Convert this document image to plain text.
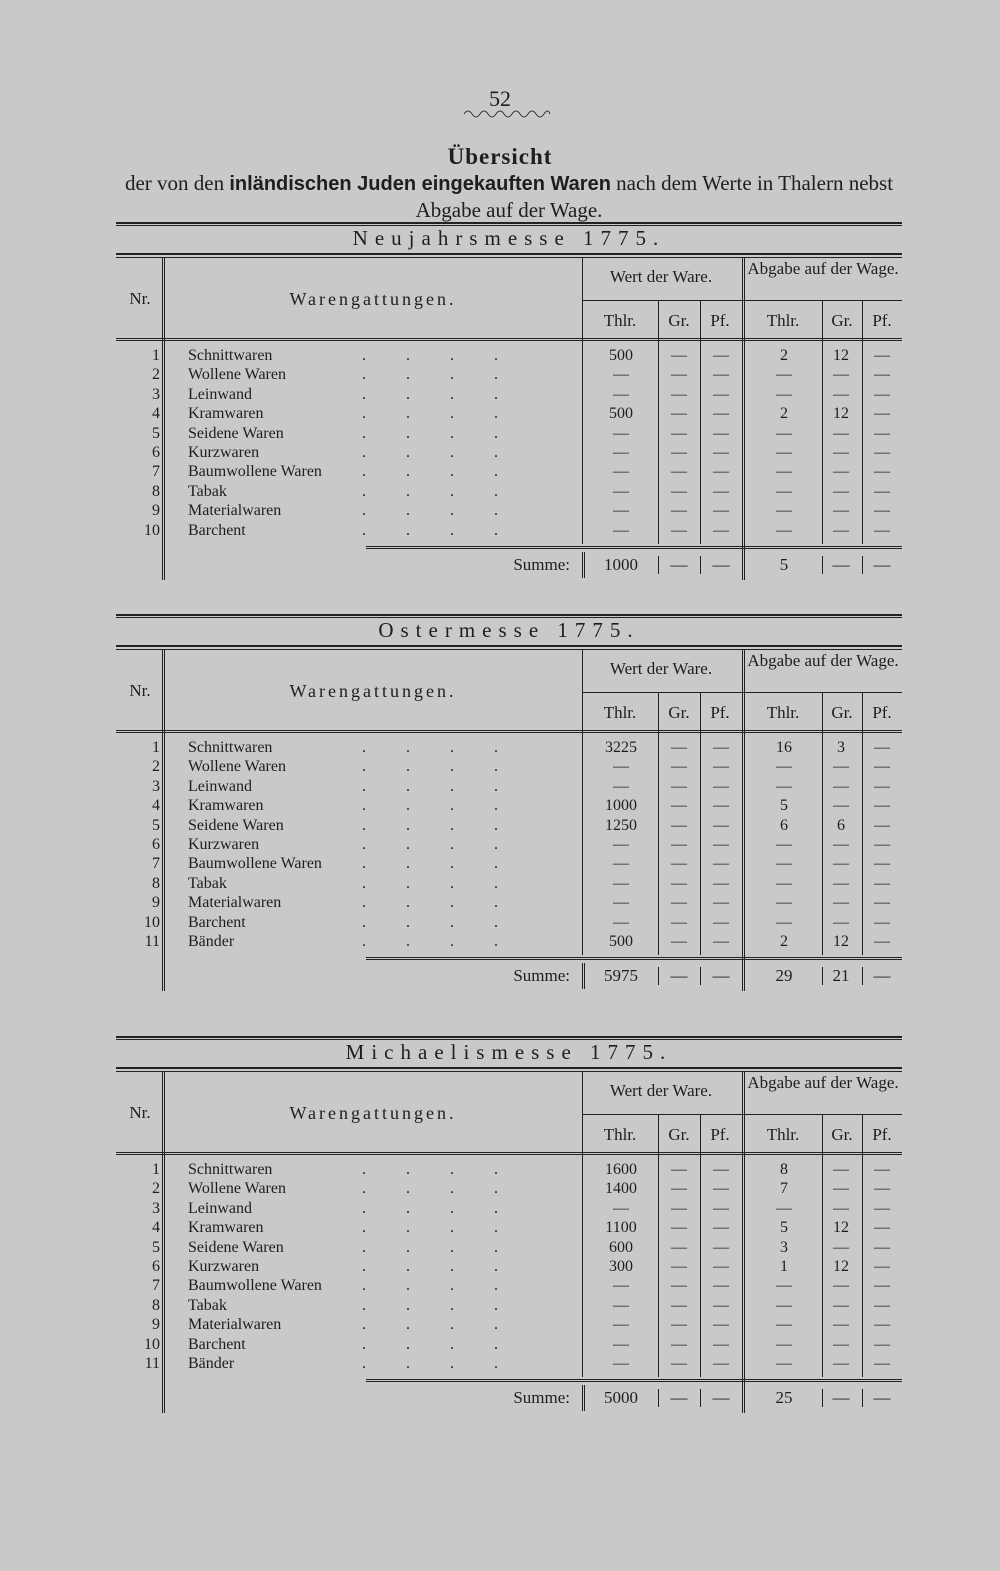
52
Übersicht
der von den inländischen Juden eingekauften Waren nach dem Werte in Thalern nebst Abgabe auf der Wage.
Neujahrsmesse 1775.
Nr.	Warengattungen.
Wert der Ware.	Abgabe auf der Wage.
Thlr.	Gr.	Pf.	Thlr.	Gr.	Pf.
1 Schnittwaren	.          .          .          .	500	—	—	2	12	—
2 Wollene Waren	.          .          .          .	—	—	—	—	—	—
3 Leinwand	.          .          .          .	—	—	—	—	—	—
4 Kramwaren	.          .          .          .	500	—	—	2	12	—
5 Seidene Waren	.          .          .          .	—	—	—	—	—	—
6 Kurzwaren	.          .          .          .	—	—	—	—	—	—
7 Baumwollene Waren	.          .          .          .	—	—	—	—	—	—
8 Tabak	.          .          .          .	—	—	—	—	—	—
9 Materialwaren	.          .          .          .	—	—	—	—	—	—
10 Barchent	.          .          .          .	—	—	—	—	—	—
Summe:	1000	—	—	5	—	—
Ostermesse 1775.
Nr.	Warengattungen.
Wert der Ware.	Abgabe auf der Wage.
Thlr.	Gr.	Pf.	Thlr.	Gr.	Pf.
1 Schnittwaren	.          .          .          .	3225	—	—	16	3	—
2 Wollene Waren	.          .          .          .	—	—	—	—	—	—
3 Leinwand	.          .          .          .	—	—	—	—	—	—
4 Kramwaren	.          .          .          .	1000	—	—	5	—	—
5 Seidene Waren	.          .          .          .	1250	—	—	6	6	—
6 Kurzwaren	.          .          .          .	—	—	—	—	—	—
7 Baumwollene Waren	.          .          .          .	—	—	—	—	—	—
8 Tabak	.          .          .          .	—	—	—	—	—	—
9 Materialwaren	.          .          .          .	—	—	—	—	—	—
10 Barchent	.          .          .          .	—	—	—	—	—	—
11 Bänder	.          .          .          .	500	—	—	2	12	—
Summe:	5975	—	—	29	21	—
Michaelismesse 1775.
Nr.	Warengattungen.
Wert der Ware.	Abgabe auf der Wage.
Thlr.	Gr.	Pf.	Thlr.	Gr.	Pf.
1 Schnittwaren	.          .          .          .	1600	—	—	8	—	—
2 Wollene Waren	.          .          .          .	1400	—	—	7	—	—
3 Leinwand	.          .          .          .	—	—	—	—	—	—
4 Kramwaren	.          .          .          .	1100	—	—	5	12	—
5 Seidene Waren	.          .          .          .	600	—	—	3	—	—
6 Kurzwaren	.          .          .          .	300	—	—	1	12	—
7 Baumwollene Waren	.          .          .          .	—	—	—	—	—	—
8 Tabak	.          .          .          .	—	—	—	—	—	—
9 Materialwaren	.          .          .          .	—	—	—	—	—	—
10 Barchent	.          .          .          .	—	—	—	—	—	—
11 Bänder	.          .          .          .	—	—	—	—	—	—
Summe:	5000	—	—	25	—	—
